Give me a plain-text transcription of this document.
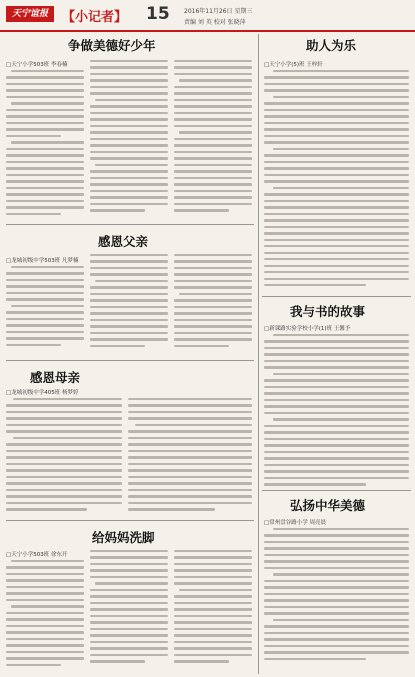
天宁谊报	【小记者】 15 2016年11月26日 星期三
责编 刘 英 校对 张晓萍
争做美德好少年
□天宁小学503班 李春楠
感恩父亲
□龙城初级中学503班 凡梦楠
感恩母亲
□龙城初级中学405班 杨梦婷
给妈妈洗脚
□天宁小学503班 徐东开
助人为乐
□天宁小学(5)班 王梓轩
我与书的故事
□新课路实验学校小学(1)班 王馨予
弘扬中华美德
□常州盘谷路小学 周亮晨
